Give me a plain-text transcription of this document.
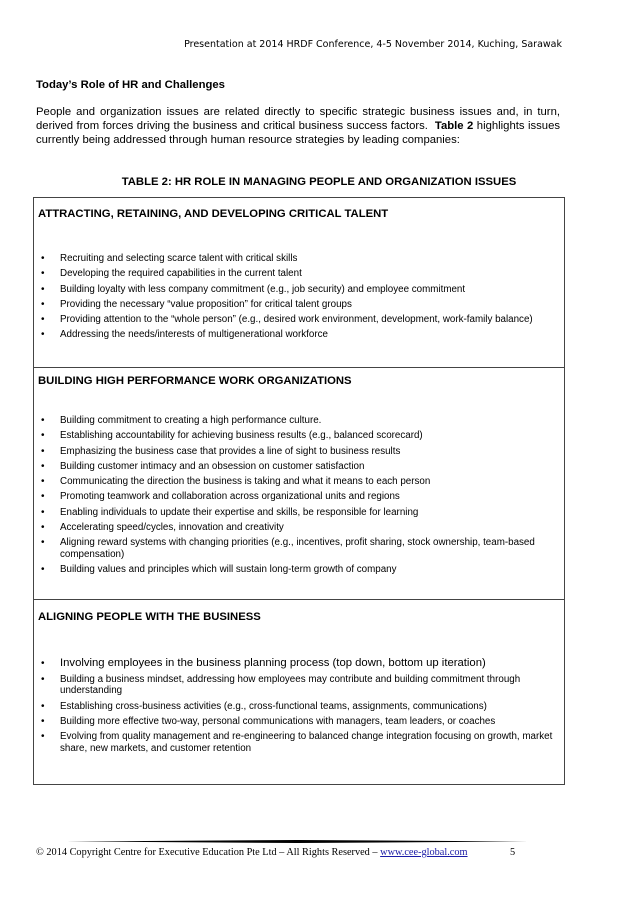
Presentation at 2014 HRDF Conference, 4-5 November 2014, Kuching, Sarawak
Today’s Role of HR and Challenges
People and organization issues are related directly to specific strategic business issues and, in turn, derived from forces driving the business and critical business success factors. Table 2 highlights issues currently being addressed through human resource strategies by leading companies:
TABLE 2: HR ROLE IN MANAGING PEOPLE AND ORGANIZATION ISSUES
ATTRACTING, RETAINING, AND DEVELOPING CRITICAL TALENT
• Recruiting and selecting scarce talent with critical skills
• Developing the required capabilities in the current talent
• Building loyalty with less company commitment (e.g., job security) and employee commitment
• Providing the necessary “value proposition” for critical talent groups
• Providing attention to the “whole person” (e.g., desired work environment, development, work-family balance)
• Addressing the needs/interests of multigenerational workforce
BUILDING HIGH PERFORMANCE WORK ORGANIZATIONS
• Building commitment to creating a high performance culture.
• Establishing accountability for achieving business results (e.g., balanced scorecard)
• Emphasizing the business case that provides a line of sight to business results
• Building customer intimacy and an obsession on customer satisfaction
• Communicating the direction the business is taking and what it means to each person
• Promoting teamwork and collaboration across organizational units and regions
• Enabling individuals to update their expertise and skills, be responsible for learning
• Accelerating speed/cycles, innovation and creativity
• Aligning reward systems with changing priorities (e.g., incentives, profit sharing, stock ownership, team-based compensation)
• Building values and principles which will sustain long-term growth of company
ALIGNING PEOPLE WITH THE BUSINESS
• Involving employees in the business planning process (top down, bottom up iteration)
• Building a business mindset, addressing how employees may contribute and building commitment through understanding
• Establishing cross-business activities (e.g., cross-functional teams, assignments, communications)
• Building more effective two-way, personal communications with managers, team leaders, or coaches
• Evolving from quality management and re-engineering to balanced change integration focusing on growth, market share, new markets, and customer retention
© 2014 Copyright Centre for Executive Education Pte Ltd – All Rights Reserved – www.cee-global.com	5
